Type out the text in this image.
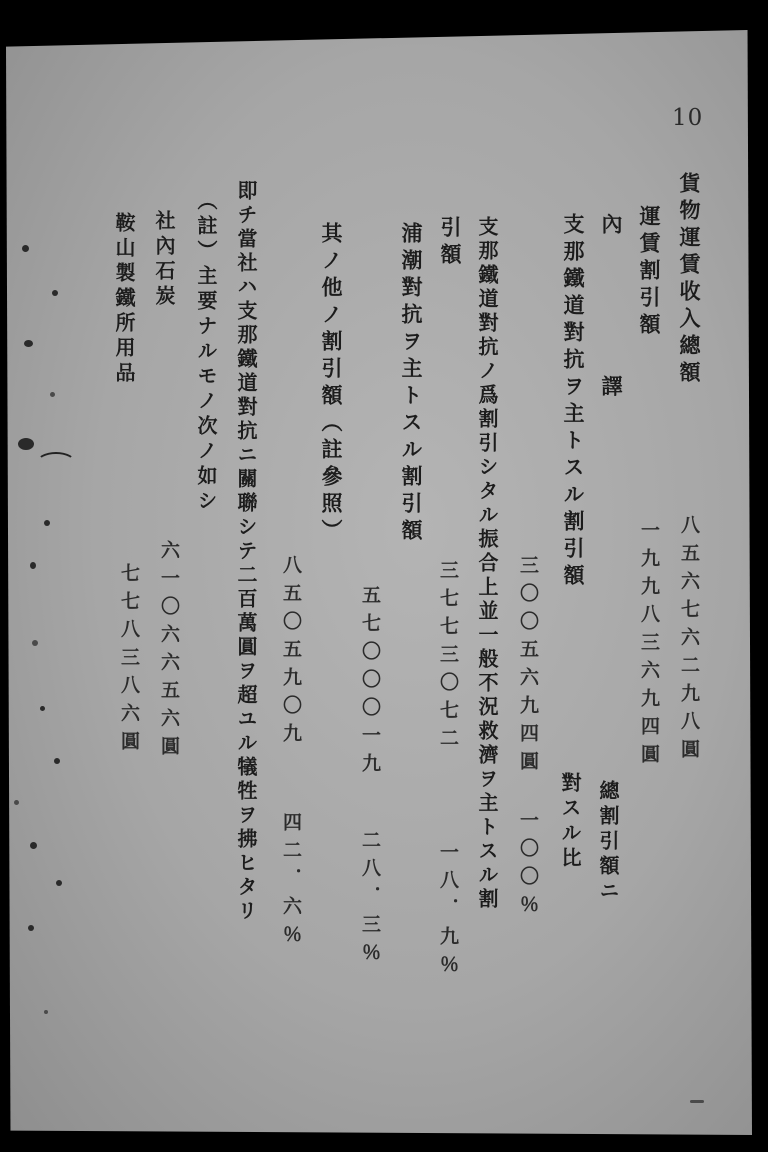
10
貨物運賃收入總額
運賃割引額
內　譯
支那鐵道對抗ヲ主トスル割引額
支那鐵道對抗ノ爲割引シタル振合上並一般不況救濟ヲ主トスル割
引額
浦潮對抗ヲ主トスル割引額
其ノ他ノ割引額（註參照）
（註）主要ナルモノ次ノ如シ 即チ當社ハ支那鐵道對抗ニ關聯シテ二百萬圓ヲ超ユル犠牲ヲ拂ヒタリ
社內石炭
鞍山製鐵所用品
八五六七六二九八圓
一九九八三六九四圓
三〇〇五六九四圓
三七七三〇七二
五七〇〇〇一九
八五〇五九〇九
六一〇六六五六圓
七七八三八六圓
總割引額ニ
對スル比
一〇〇％
一八．九％
二八．三％
四二．六％
